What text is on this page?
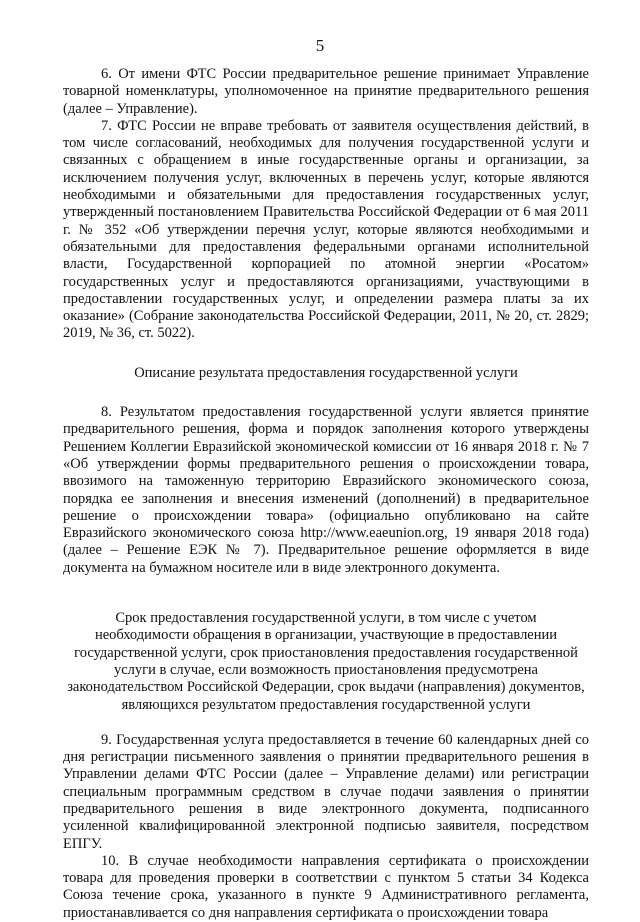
5

6. От имени ФТС России предварительное решение принимает Управление товарной номенклатуры, уполномоченное на принятие предварительного решения (далее – Управление).

7. ФТС России не вправе требовать от заявителя осуществления действий, в том числе согласований, необходимых для получения государственной услуги и связанных с обращением в иные государственные органы и организации, за исключением получения услуг, включенных в перечень услуг, которые являются необходимыми и обязательными для предоставления государственных услуг, утвержденный постановлением Правительства Российской Федерации от 6 мая 2011 г. № 352 «Об утверждении перечня услуг, которые являются необходимыми и обязательными для предоставления федеральными органами исполнительной власти, Государственной корпорацией по атомной энергии «Росатом» государственных услуг и предоставляются организациями, участвующими в предоставлении государственных услуг, и определении размера платы за их оказание» (Собрание законодательства Российской Федерации, 2011, № 20, ст. 2829; 2019, № 36, ст. 5022).

Описание результата предоставления государственной услуги

8. Результатом предоставления государственной услуги является принятие предварительного решения, форма и порядок заполнения которого утверждены Решением Коллегии Евразийской экономической комиссии от 16 января 2018 г. № 7 «Об утверждении формы предварительного решения о происхождении товара, ввозимого на таможенную территорию Евразийского экономического союза, порядка ее заполнения и внесения изменений (дополнений) в предварительное решение о происхождении товара» (официально опубликовано на сайте Евразийского экономического союза http://www.eaeunion.org, 19 января 2018 года) (далее – Решение ЕЭК № 7). Предварительное решение оформляется в виде документа на бумажном носителе или в виде электронного документа.

Срок предоставления государственной услуги, в том числе с учетом
необходимости обращения в организации, участвующие в предоставлении
государственной услуги, срок приостановления предоставления государственной
услуги в случае, если возможность приостановления предусмотрена
законодательством Российской Федерации, срок выдачи (направления) документов,
являющихся результатом предоставления государственной услуги

9. Государственная услуга предоставляется в течение 60 календарных дней со дня регистрации письменного заявления о принятии предварительного решения в Управлении делами ФТС России (далее – Управление делами) или регистрации специальным программным средством в случае подачи заявления о принятии предварительного решения в виде электронного документа, подписанного усиленной квалифицированной электронной подписью заявителя, посредством ЕПГУ.

10. В случае необходимости направления сертификата о происхождении товара для проведения проверки в соответствии с пунктом 5 статьи 34 Кодекса Союза течение срока, указанного в пункте 9 Административного регламента, приостанавливается со дня направления сертификата о происхождении товара
